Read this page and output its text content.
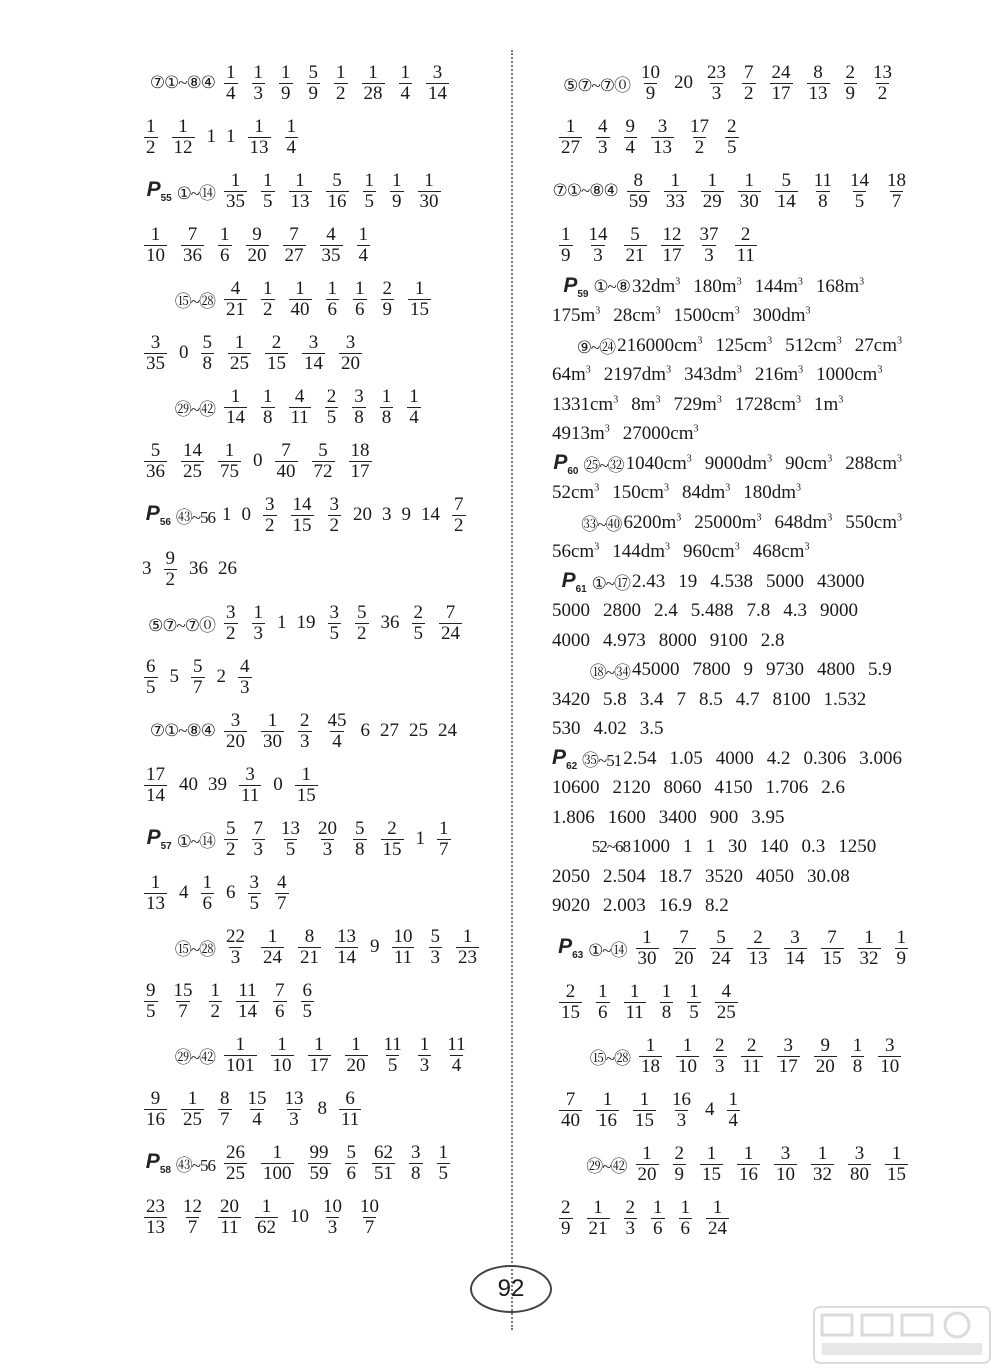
⑦①~⑧④ $\frac{1}{4} \frac{1}{3} \frac{1}{9} \frac{5}{9} \frac{1}{2} \frac{1}{28} \frac{1}{4} \frac{3}{14}$
$\frac{1}{2} \frac{1}{12} 1$ $1 \frac{1}{13} \frac{1}{4}$
$P_{55}$ ①~⑭ $\frac{1}{35} \frac{1}{5} \frac{1}{13} \frac{5}{16} \frac{1}{5} \frac{1}{9} \frac{1}{30}$
$\frac{1}{10} \frac{7}{36} \frac{1}{6} \frac{9}{20} \frac{7}{27} \frac{4}{35} \frac{1}{4}$
⑮~㉘ $\frac{4}{21} \frac{1}{2} \frac{1}{40} \frac{1}{6} \frac{1}{6} \frac{2}{9} \frac{1}{15}$
$\frac{3}{35} 0 \frac{5}{8} \frac{1}{25} \frac{2}{15} \frac{3}{14} \frac{3}{20}$
㉙~㊷ $\frac{1}{14} \frac{1}{8} \frac{4}{11} \frac{2}{5} \frac{3}{8} \frac{1}{8} \frac{1}{4}$
$\frac{5}{36} \frac{14}{25} \frac{1}{75} 0 \frac{7}{40} \frac{5}{72} \frac{18}{17}$
$P_{56}$ ㊸~56 1 $0 \frac{3}{2} \frac{14}{15} \frac{3}{2} 20$ 3 9 $14 \frac{7}{2}$
$3 \frac{9}{2} 36$ 26
⑤⑦~⑦⓪ $\frac{3}{2} \frac{1}{3} 1$ $19 \frac{3}{5} \frac{5}{2} 36 \frac{2}{5} \frac{7}{24}$
$\frac{6}{5} 5 \frac{5}{7} 2 \frac{4}{3}$
⑦①~⑧④ $\frac{3}{20} \frac{1}{30} \frac{2}{3} \frac{45}{4} 6$ 27 25 24
$\frac{17}{14} 40$ $39 \frac{3}{11} 0 \frac{1}{15}$
$P_{57}$ ①~⑭ $\frac{5}{2} \frac{7}{3} \frac{13}{5} \frac{20}{3} \frac{5}{8} \frac{2}{15} 1 \frac{1}{7}$
$\frac{1}{13} 4 \frac{1}{6} 6 \frac{3}{5} \frac{4}{7}$
⑮~㉘ $\frac{22}{3} \frac{1}{24} \frac{8}{21} \frac{13}{14} 9 \frac{10}{11} \frac{5}{3} \frac{1}{23}$
$\frac{9}{5} \frac{15}{7} \frac{1}{2} \frac{11}{14} \frac{7}{6} \frac{6}{5}$
㉙~㊷ $\frac{1}{101} \frac{1}{10} \frac{1}{17} \frac{1}{20} \frac{11}{5} \frac{1}{3} \frac{11}{4}$
$\frac{9}{16} \frac{1}{25} \frac{8}{7} \frac{15}{4} \frac{13}{3} 8 \frac{6}{11}$
$P_{58}$ ㊸~56 $\frac{26}{25} \frac{1}{100} \frac{99}{59} \frac{5}{6} \frac{62}{51} \frac{3}{8} \frac{1}{5}$
$\frac{23}{13} \frac{12}{7} \frac{20}{11} \frac{1}{62} 10 \frac{10}{3} \frac{10}{7}$
⑤⑦~⑦⓪ $\frac{10}{9} 20 \frac{23}{3} \frac{7}{2} \frac{24}{17} \frac{8}{13} \frac{2}{9} \frac{13}{2}$
$\frac{1}{27} \frac{4}{3} \frac{9}{4} \frac{3}{13} \frac{17}{2} \frac{2}{5}$
⑦①~⑧④ $\frac{8}{59} \frac{1}{33} \frac{1}{29} \frac{1}{30} \frac{5}{14} \frac{11}{8} \frac{14}{5} \frac{18}{7}$
$\frac{1}{9} \frac{14}{3} \frac{5}{21} \frac{12}{17} \frac{37}{3} \frac{2}{11}$
$P_{59}$ ①~⑧ $32dm^3$ $180m^3$ $144m^3$ $168m^3$
$175m^3$ $28cm^3$ $1500cm^3$ $300dm^3$
⑨~㉔ $216000cm^3$ $125cm^3$ $512cm^3$ $27cm^3$
$64m^3$ $2197dm^3$ $343dm^3$ $216m^3$ $1000cm^3$
$1331cm^3$ $8m^3$ $729m^3$ $1728cm^3$ $1m^3$
$4913m^3$ $27000cm^3$
$P_{60}$ ㉕~㉜ $1040cm^3$ $9000dm^3$ $90cm^3$ $288cm^3$
$52cm^3$ $150cm^3$ $84dm^3$ $180dm^3$
㉝~㊵ $6200m^3$ $25000m^3$ $648dm^3$ $550cm^3$
$56cm^3$ $144dm^3$ $960cm^3$ $468cm^3$
$P_{61}$ ①~⑰ 2.43 19 4.538 5000 43000
5000 2800 2.4 5.488 7.8 4.3 9000
4000 4.973 8000 9100 2.8
⑱~㉞ 45000 7800 9 9730 4800 5.9
3420 5.8 3.4 7 8.5 4.7 8100 1.532
530 4.02 3.5
$P_{62}$ ㉟~51 2.54 1.05 4000 4.2 0.306 3.006
10600 2120 8060 4150 1.706 2.6
1.806 1600 3400 900 3.95
52~68 1000 1 1 30 140 0.3 1250
2050 2.504 18.7 3520 4050 30.08
9020 2.003 16.9 8.2
$P_{63}$ ①~⑭ $\frac{1}{30} \frac{7}{20} \frac{5}{24} \frac{2}{13} \frac{3}{14} \frac{7}{15} \frac{1}{32} \frac{1}{9}$
$\frac{2}{15} \frac{1}{6} \frac{1}{11} \frac{1}{8} \frac{1}{5} \frac{4}{25}$
⑮~㉘ $\frac{1}{18} \frac{1}{10} \frac{2}{3} \frac{2}{11} \frac{3}{17} \frac{9}{20} \frac{1}{8} \frac{3}{10}$
$\frac{7}{40} \frac{1}{16} \frac{1}{15} \frac{16}{3} 4 \frac{1}{4}$
㉙~㊷ $\frac{1}{20} \frac{2}{9} \frac{1}{15} \frac{1}{16} \frac{3}{10} \frac{1}{32} \frac{3}{80} \frac{1}{15}$
$\frac{2}{9} \frac{1}{21} \frac{2}{3} \frac{1}{6} \frac{1}{6} \frac{1}{24}$
92
